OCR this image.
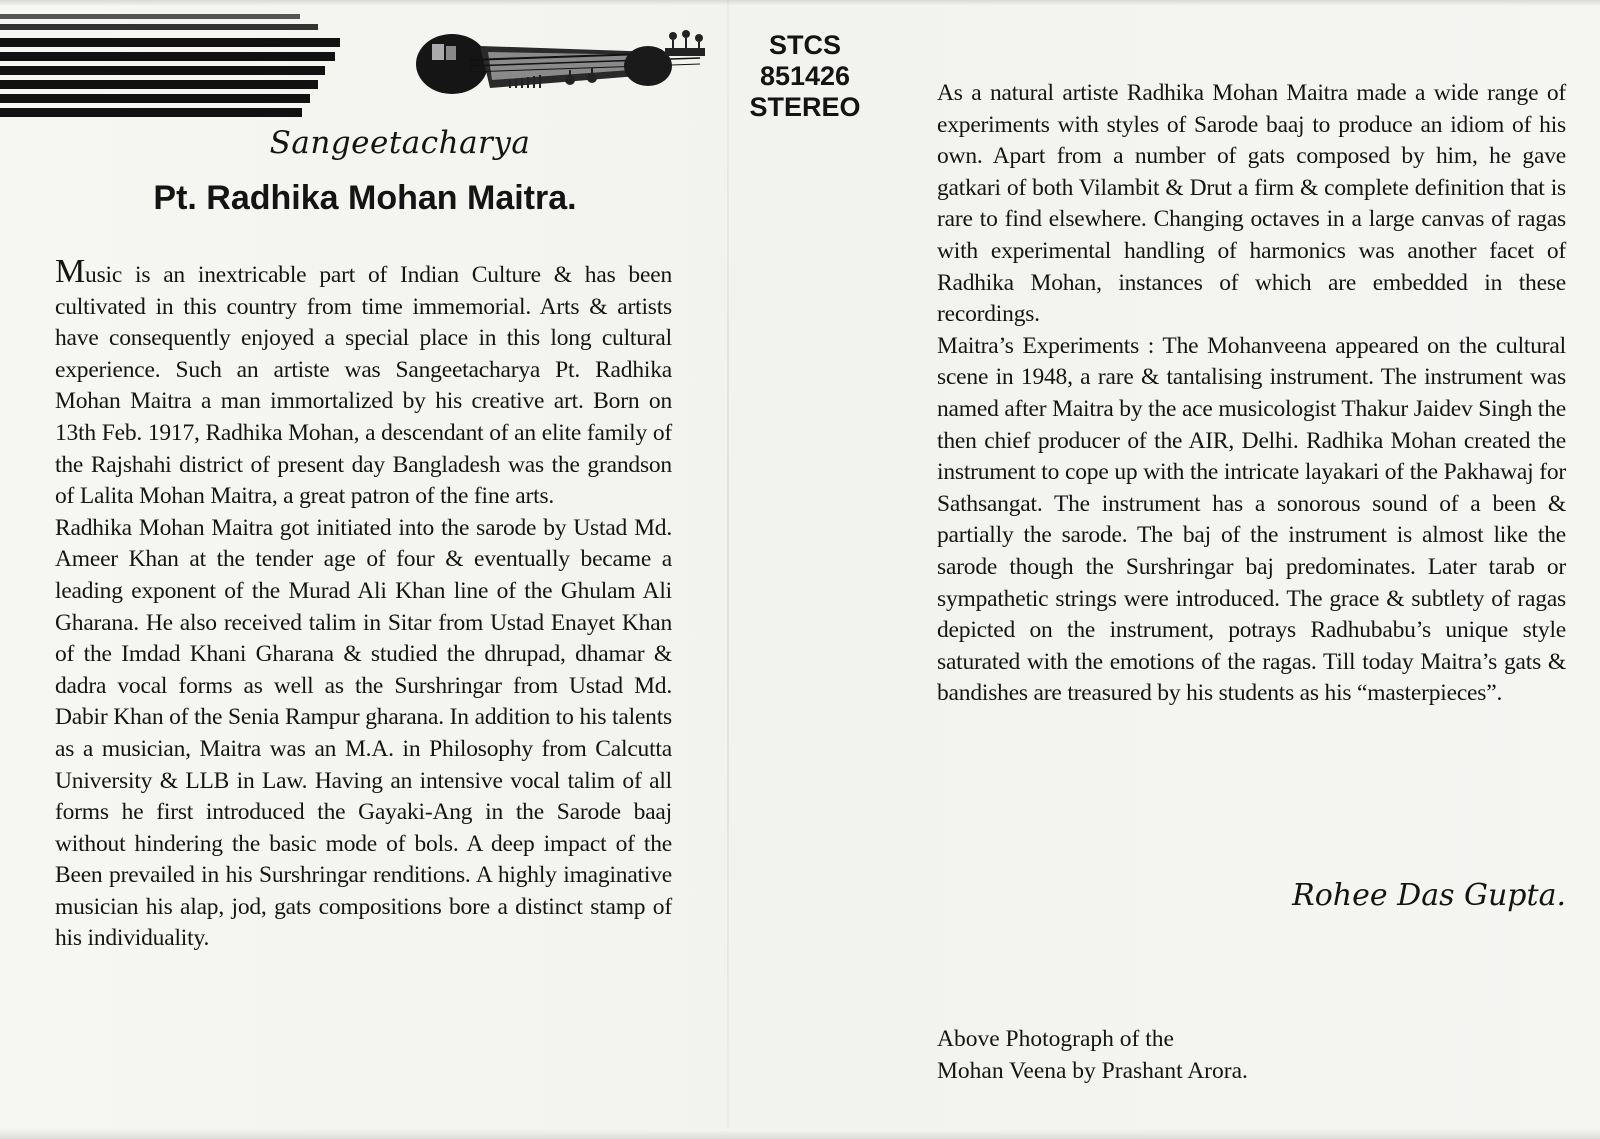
STCS
851426
STEREO
Sangeetacharya
Pt. Radhika Mohan Maitra.

Music is an inextricable part of Indian Culture & has been cultivated in this country from time immemorial. Arts & artists have consequently enjoyed a special place in this long cultural experience. Such an artiste was Sangeetacharya Pt. Radhika Mohan Maitra a man immortalized by his creative art. Born on 13th Feb. 1917, Radhika Mohan, a descendant of an elite family of the Rajshahi district of present day Bangladesh was the grandson of Lalita Mohan Maitra, a great patron of the fine arts.

Radhika Mohan Maitra got initiated into the sarode by Ustad Md. Ameer Khan at the tender age of four & eventually became a leading exponent of the Murad Ali Khan line of the Ghulam Ali Gharana. He also received talim in Sitar from Ustad Enayet Khan of the Imdad Khani Gharana & studied the dhrupad, dhamar & dadra vocal forms as well as the Surshringar from Ustad Md. Dabir Khan of the Senia Rampur gharana. In addition to his talents as a musician, Maitra was an M.A. in Philosophy from Calcutta University & LLB in Law. Having an intensive vocal talim of all forms he first introduced the Gayaki-Ang in the Sarode baaj without hindering the basic mode of bols. A deep impact of the Been prevailed in his Surshringar renditions. A highly imaginative musician his alap, jod, gats compositions bore a distinct stamp of his individuality.

As a natural artiste Radhika Mohan Maitra made a wide range of experiments with styles of Sarode baaj to produce an idiom of his own. Apart from a number of gats composed by him, he gave gatkari of both Vilambit & Drut a firm & complete definition that is rare to find elsewhere. Changing octaves in a large canvas of ragas with experimental handling of harmonics was another facet of Radhika Mohan, instances of which are embedded in these recordings.

Maitra’s Experiments : The Mohanveena appeared on the cultural scene in 1948, a rare & tantalising instrument. The instrument was named after Maitra by the ace musicologist Thakur Jaidev Singh the then chief producer of the AIR, Delhi. Radhika Mohan created the instrument to cope up with the intricate layakari of the Pakhawaj for Sathsangat. The instrument has a sonorous sound of a been & partially the sarode. The baj of the instrument is almost like the sarode though the Surshringar baj predominates. Later tarab or sympathetic strings were introduced. The grace & subtlety of ragas depicted on the instrument, potrays Radhubabu’s unique style saturated with the emotions of the ragas. Till today Maitra’s gats & bandishes are treasured by his students as his “masterpieces”.

Rohee Das Gupta.
Above Photograph of the
Mohan Veena by Prashant Arora.
